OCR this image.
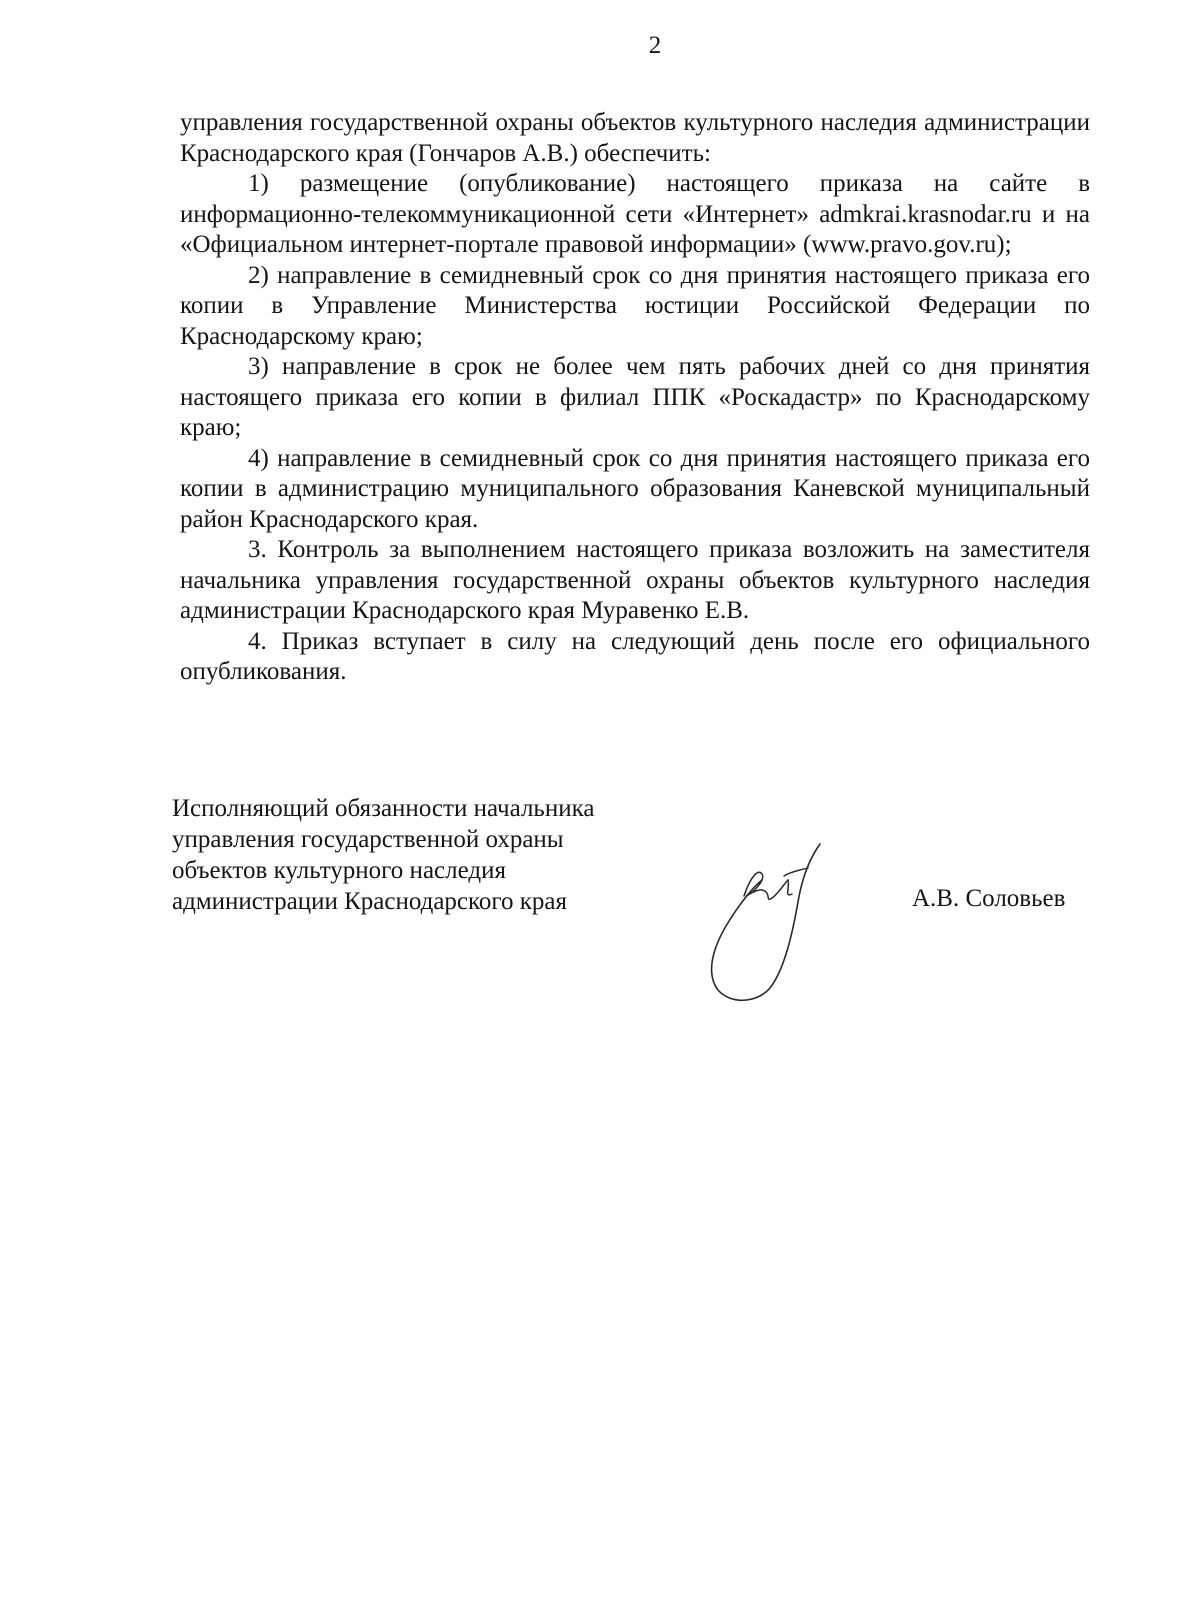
2

управления государственной охраны объектов культурного наследия администрации Краснодарского края (Гончаров А.В.) обеспечить:

1) размещение (опубликование) настоящего приказа на сайте в информационно-телекоммуникационной сети «Интернет» admkrai.krasnodar.ru и на «Официальном интернет-портале правовой информации» (www.pravo.gov.ru);

2) направление в семидневный срок со дня принятия настоящего приказа его копии в Управление Министерства юстиции Российской Федерации по Краснодарскому краю;

3) направление в срок не более чем пять рабочих дней со дня принятия настоящего приказа его копии в филиал ППК «Роскадастр» по Краснодарскому краю;

4) направление в семидневный срок со дня принятия настоящего приказа его копии в администрацию муниципального образования Каневской муниципальный район Краснодарского края.

3. Контроль за выполнением настоящего приказа возложить на заместителя начальника управления государственной охраны объектов культурного наследия администрации Краснодарского края Муравенко Е.В.

4. Приказ вступает в силу на следующий день после его официального опубликования.

Исполняющий обязанности начальника
управления государственной охраны
объектов культурного наследия
администрации Краснодарского края	А.В. Соловьев
